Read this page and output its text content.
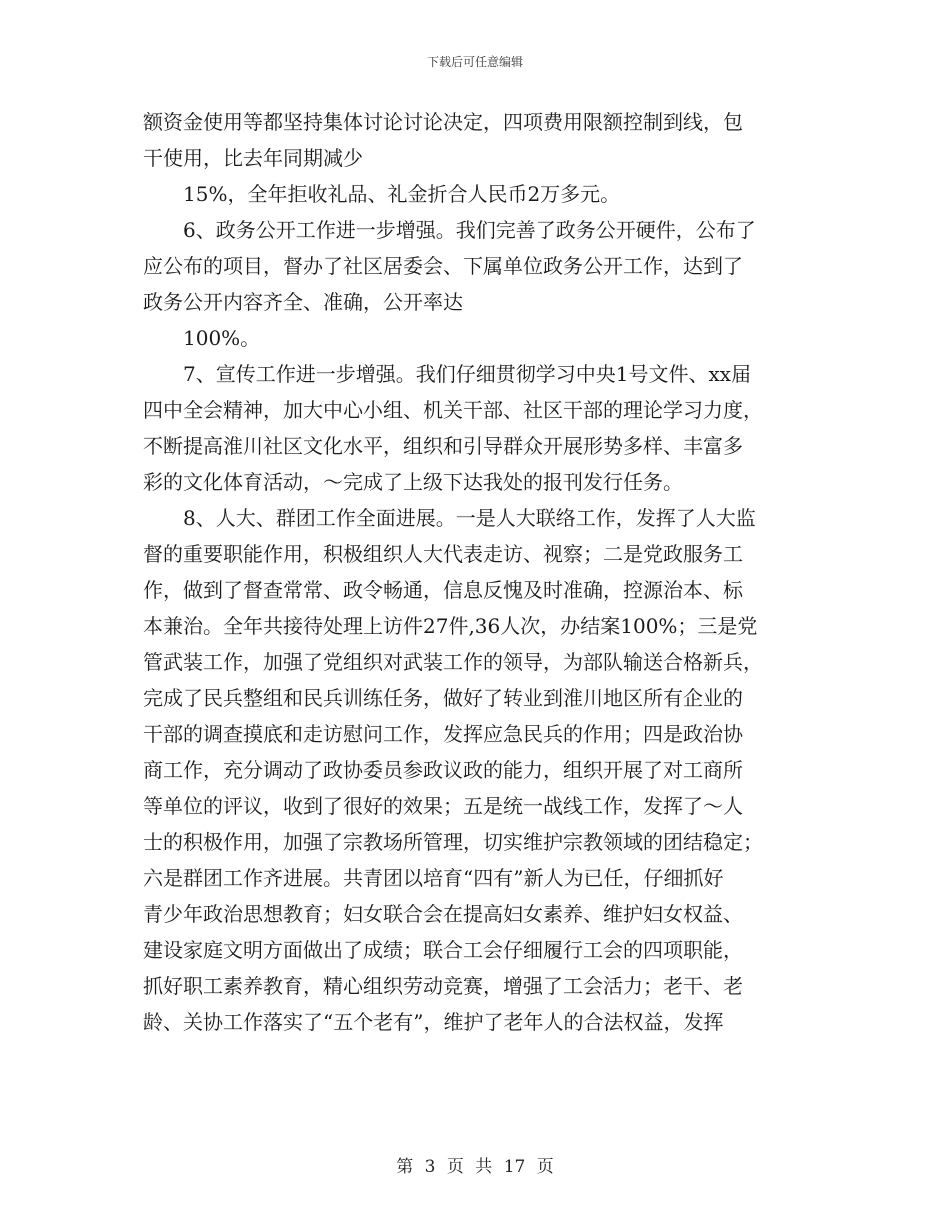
下载后可任意编辑
额资金使用等都坚持集体讨论讨论决定，四项费用限额控制到线，包
干使用，比去年同期减少
15%，全年拒收礼品、礼金折合人民币2万多元。
6、政务公开工作进一步增强。我们完善了政务公开硬件，公布了
应公布的项目，督办了社区居委会、下属单位政务公开工作，达到了
政务公开内容齐全、准确，公开率达
100%。
7、宣传工作进一步增强。我们仔细贯彻学习中央1号文件、xx届
四中全会精神，加大中心小组、机关干部、社区干部的理论学习力度，
不断提高淮川社区文化水平，组织和引导群众开展形势多样、丰富多
彩的文化体育活动，～完成了上级下达我处的报刊发行任务。
8、人大、群团工作全面进展。一是人大联络工作，发挥了人大监
督的重要职能作用，积极组织人大代表走访、视察；二是党政服务工
作，做到了督查常常、政令畅通，信息反愧及时准确，控源治本、标
本兼治。全年共接待处理上访件27件,36人次，办结案100%；三是党
管武装工作，加强了党组织对武装工作的领导，为部队输送合格新兵，
完成了民兵整组和民兵训练任务，做好了转业到淮川地区所有企业的
干部的调查摸底和走访慰问工作，发挥应急民兵的作用；四是政治协
商工作，充分调动了政协委员参政议政的能力，组织开展了对工商所
等单位的评议，收到了很好的效果；五是统一战线工作，发挥了～人
士的积极作用，加强了宗教场所管理，切实维护宗教领域的团结稳定；
六是群团工作齐进展。共青团以培育“四有”新人为已任，仔细抓好
青少年政治思想教育；妇女联合会在提高妇女素养、维护妇女权益、
建设家庭文明方面做出了成绩；联合工会仔细履行工会的四项职能，
抓好职工素养教育，精心组织劳动竞赛，增强了工会活力；老干、老
龄、关协工作落实了“五个老有”，维护了老年人的合法权益，发挥
第 3 页 共 17 页
